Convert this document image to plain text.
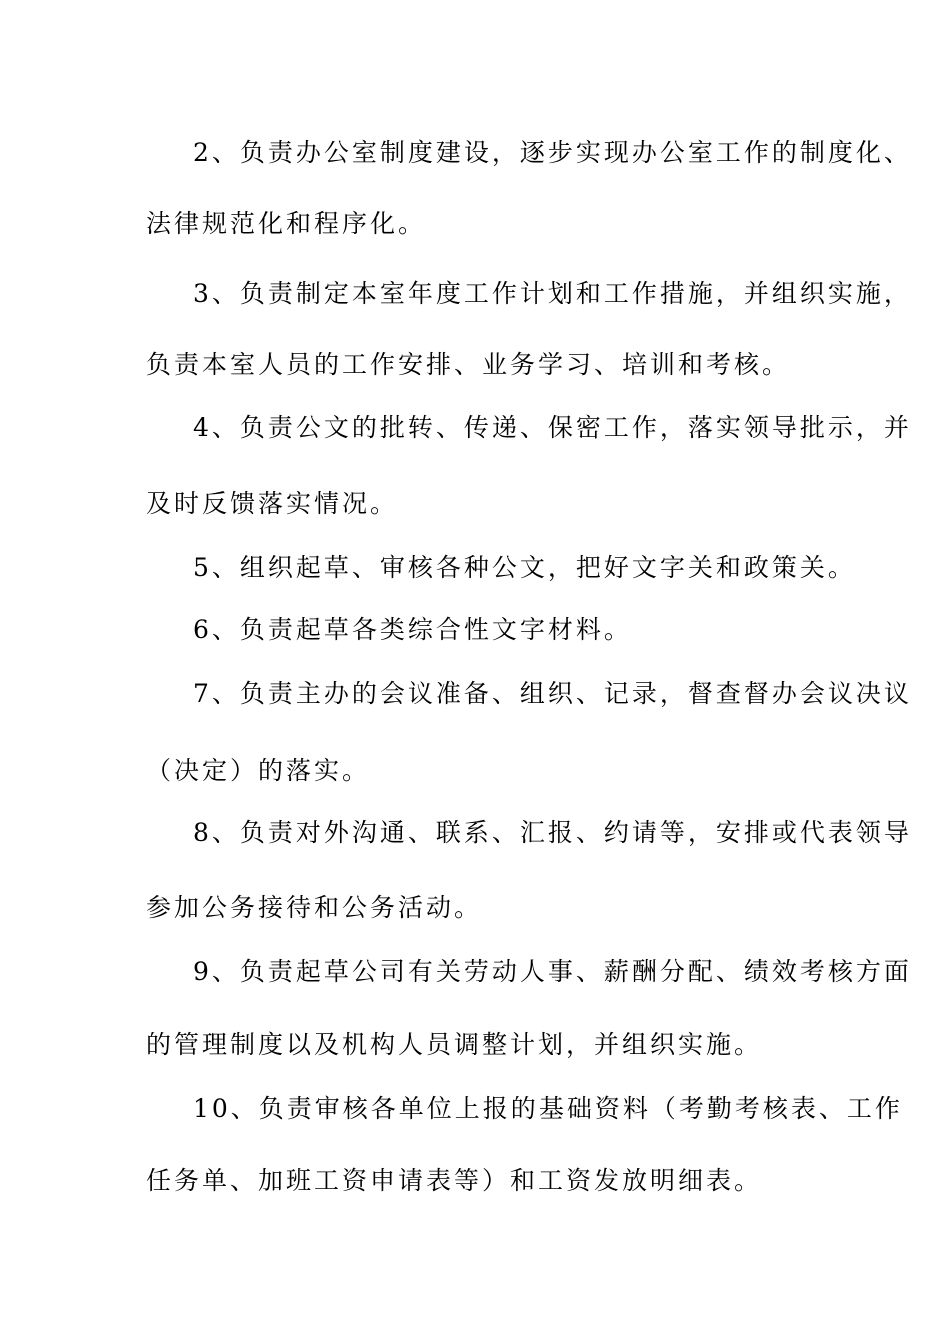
2、负责办公室制度建设，逐步实现办公室工作的制度化、
法律规范化和程序化。
3、负责制定本室年度工作计划和工作措施，并组织实施，
负责本室人员的工作安排、业务学习、培训和考核。
4、负责公文的批转、传递、保密工作，落实领导批示，并
及时反馈落实情况。
5、组织起草、审核各种公文，把好文字关和政策关。
6、负责起草各类综合性文字材料。
7、负责主办的会议准备、组织、记录，督查督办会议决议
（决定）的落实。
8、负责对外沟通、联系、汇报、约请等，安排或代表领导
参加公务接待和公务活动。
9、负责起草公司有关劳动人事、薪酬分配、绩效考核方面
的管理制度以及机构人员调整计划，并组织实施。
10、负责审核各单位上报的基础资料（考勤考核表、工作
任务单、加班工资申请表等）和工资发放明细表。
